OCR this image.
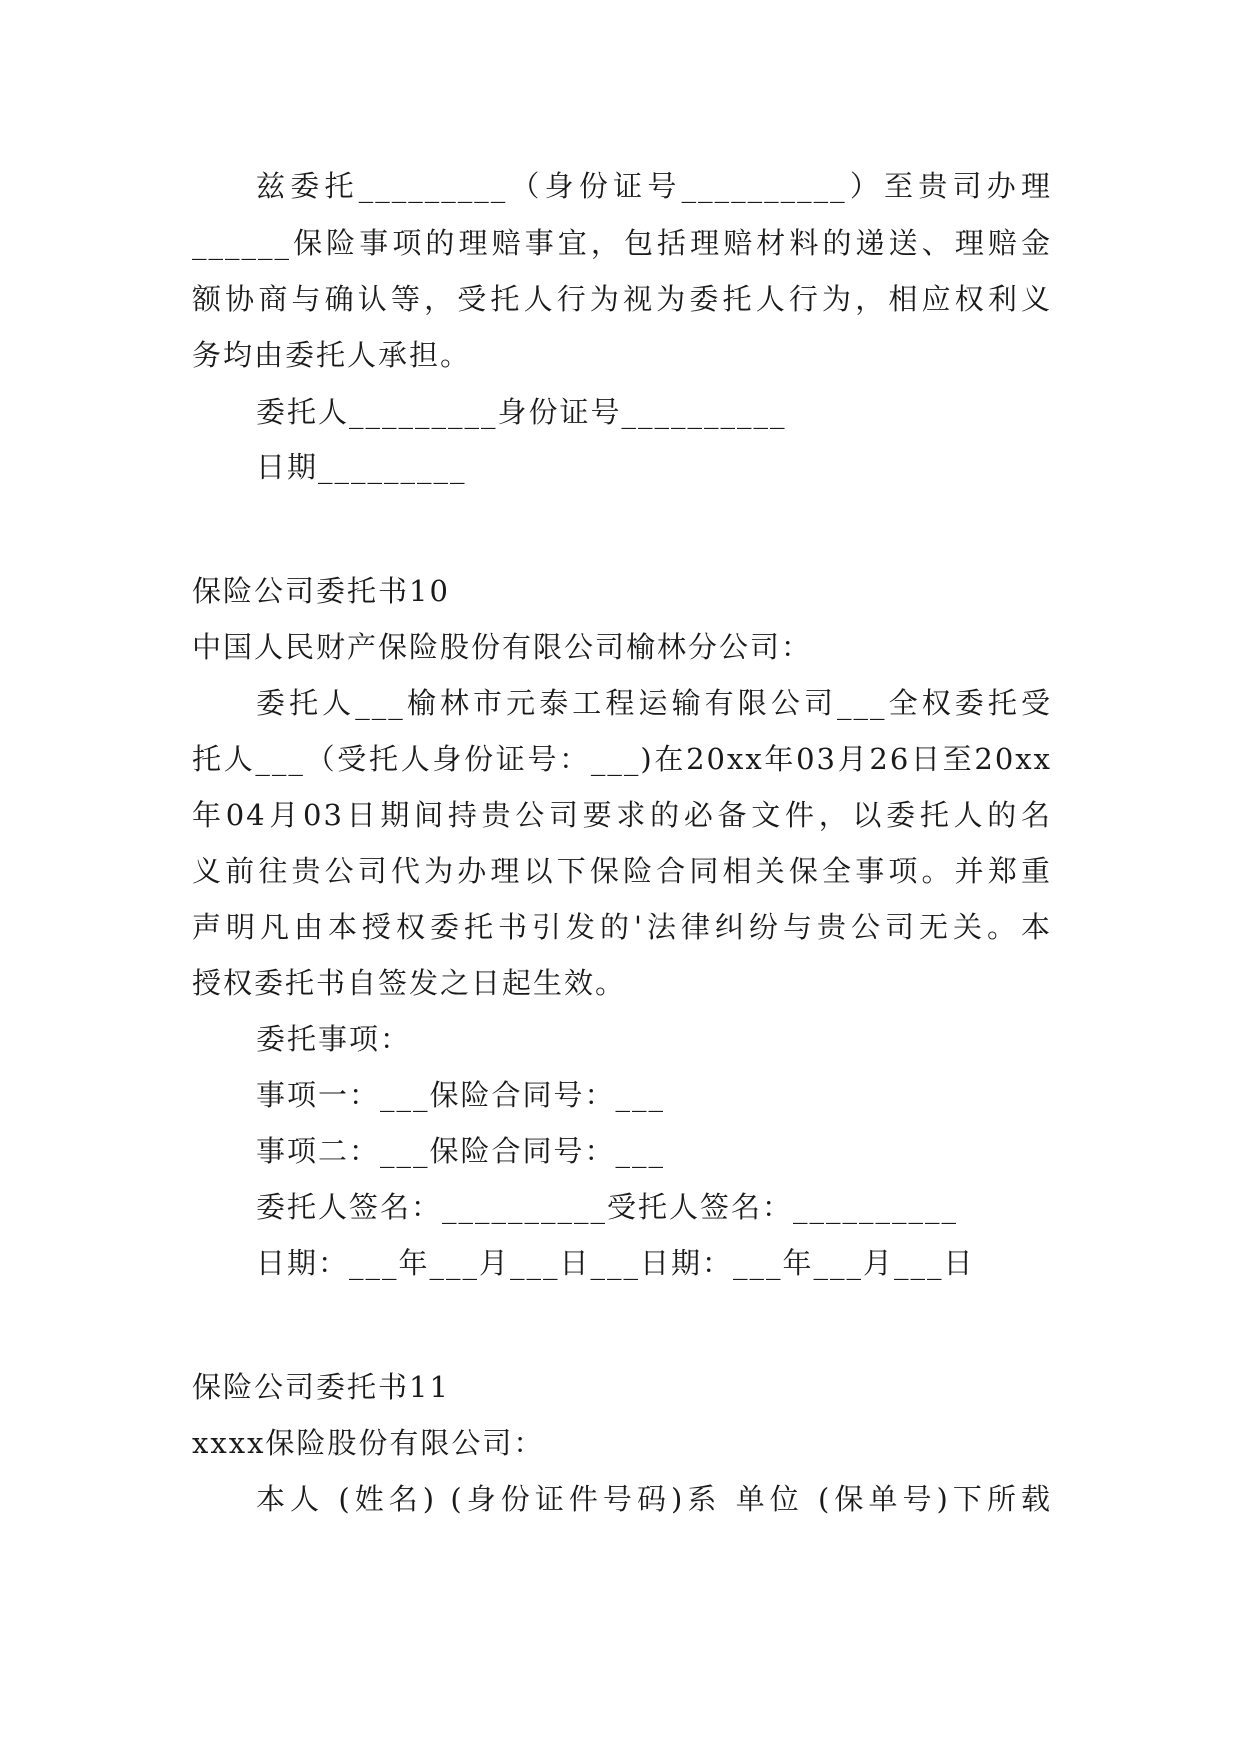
兹委托_________（身份证号__________）至贵司办理
______保险事项的理赔事宜，包括理赔材料的递送、理赔金
额协商与确认等，受托人行为视为委托人行为，相应权利义
务均由委托人承担。
委托人_________身份证号__________
日期_________
保险公司委托书10
中国人民财产保险股份有限公司榆林分公司：
委托人___榆林市元泰工程运输有限公司___全权委托受
托人___（受托人身份证号：___)在20xx年03月26日至20xx
年04月03日期间持贵公司要求的必备文件，以委托人的名
义前往贵公司代为办理以下保险合同相关保全事项。并郑重
声明凡由本授权委托书引发的'法律纠纷与贵公司无关。本
授权委托书自签发之日起生效。
委托事项：
事项一：___保险合同号：___
事项二：___保险合同号：___
委托人签名：__________受托人签名：__________
日期：___年___月___日___日期：___年___月___日
保险公司委托书11
xxxx保险股份有限公司：
本人 (姓名) (身份证件号码)系 单位 (保单号)下所载
